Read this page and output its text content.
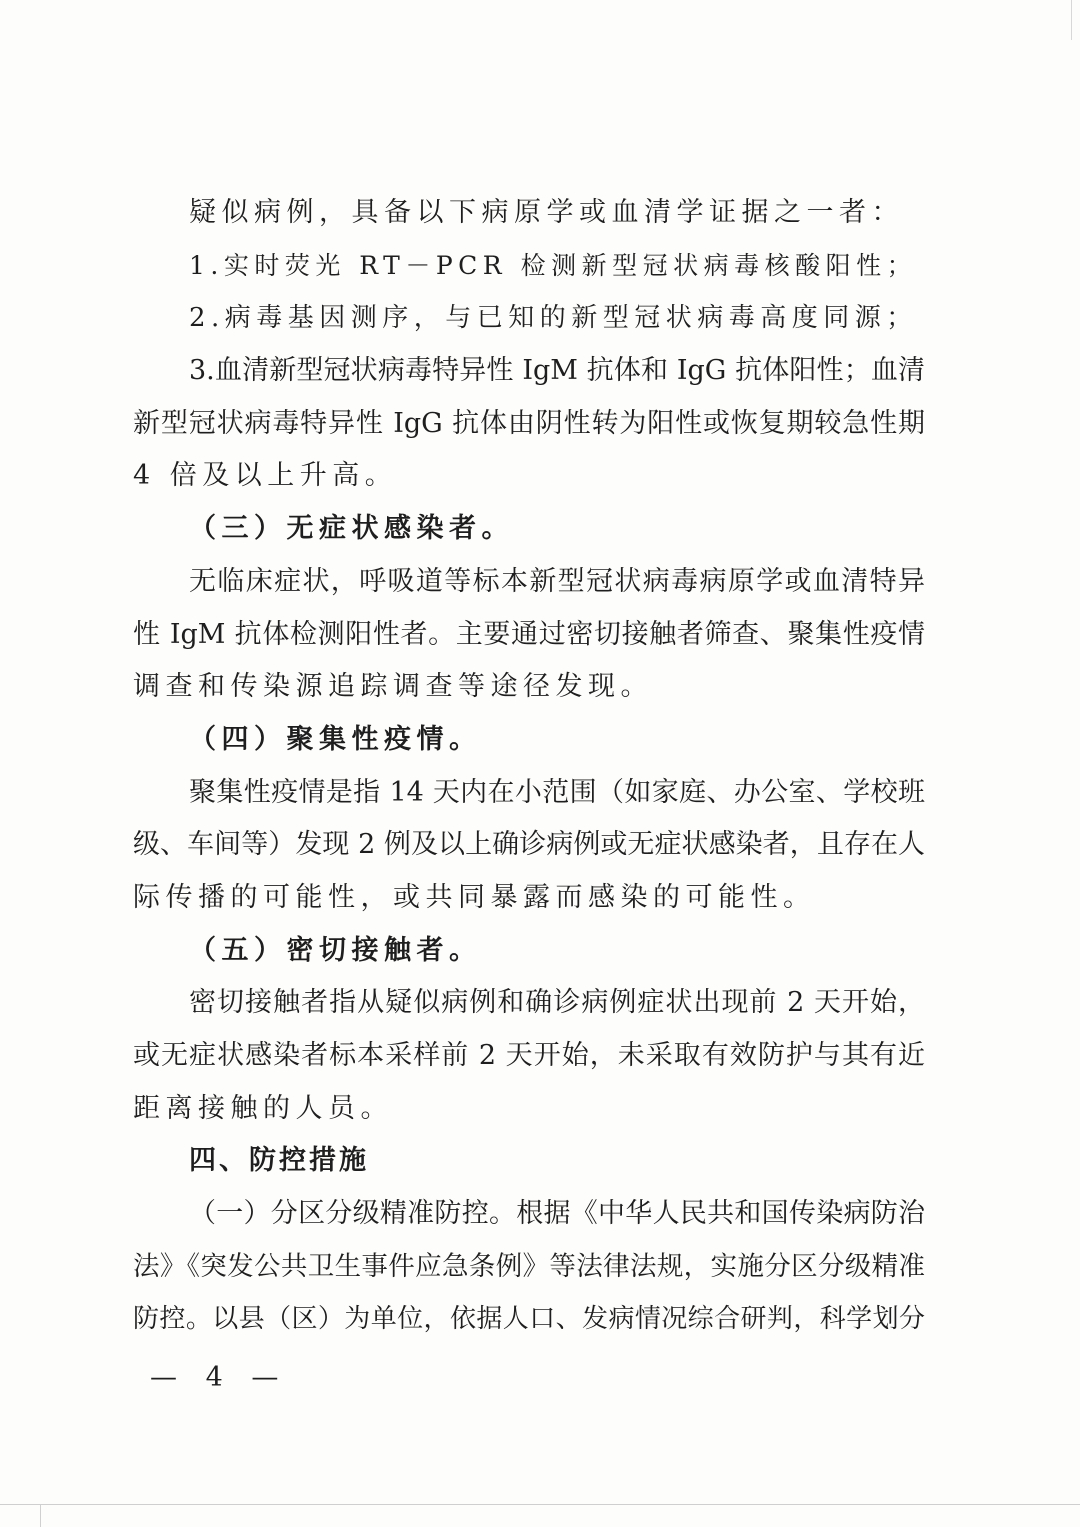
疑似病例，具备以下病原学或血清学证据之一者：
1.实时荧光 RT－PCR 检测新型冠状病毒核酸阳性；
2.病毒基因测序，与已知的新型冠状病毒高度同源；
3.血清新型冠状病毒特异性 IgM 抗体和 IgG 抗体阳性；血清
新型冠状病毒特异性 IgG 抗体由阴性转为阳性或恢复期较急性期
4 倍及以上升高。
（三）无症状感染者。
无临床症状，呼吸道等标本新型冠状病毒病原学或血清特异
性 IgM 抗体检测阳性者。主要通过密切接触者筛查、聚集性疫情
调查和传染源追踪调查等途径发现。
（四）聚集性疫情。
聚集性疫情是指 14 天内在小范围（如家庭、办公室、学校班
级、车间等）发现 2 例及以上确诊病例或无症状感染者，且存在人
际传播的可能性，或共同暴露而感染的可能性。
（五）密切接触者。
密切接触者指从疑似病例和确诊病例症状出现前 2 天开始，
或无症状感染者标本采样前 2 天开始，未采取有效防护与其有近
距离接触的人员。
四、防控措施
（一）分区分级精准防控。根据《中华人民共和国传染病防治
法》《突发公共卫生事件应急条例》等法律法规，实施分区分级精准
防控。以县（区）为单位，依据人口、发病情况综合研判，科学划分
— 4 —
